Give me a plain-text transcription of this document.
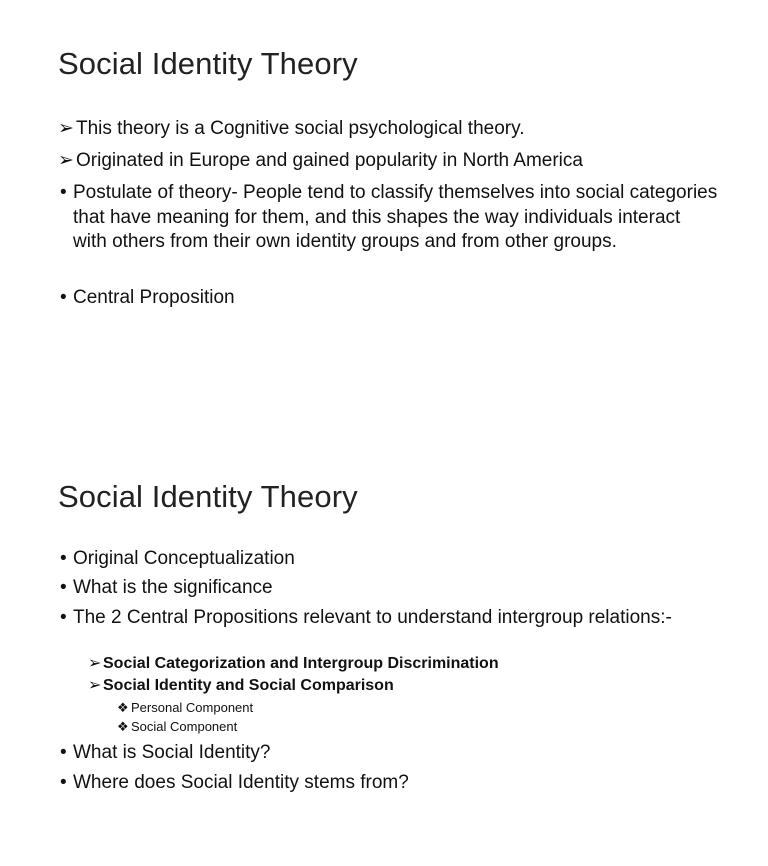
Social Identity Theory
➢ This theory is a Cognitive social psychological theory.
➢ Originated in Europe and gained popularity in North America
• Postulate of theory- People tend to classify themselves into social categories that have meaning for them, and this shapes the way individuals interact with others from their own identity groups and from other groups.
• Central Proposition
Social Identity Theory
• Original Conceptualization
• What is the significance
• The 2 Central Propositions relevant to understand intergroup relations:-
➢ Social Categorization and Intergroup Discrimination
➢ Social Identity and Social Comparison
❖ Personal Component
❖ Social Component
• What is Social Identity?
• Where does Social Identity stems from?
